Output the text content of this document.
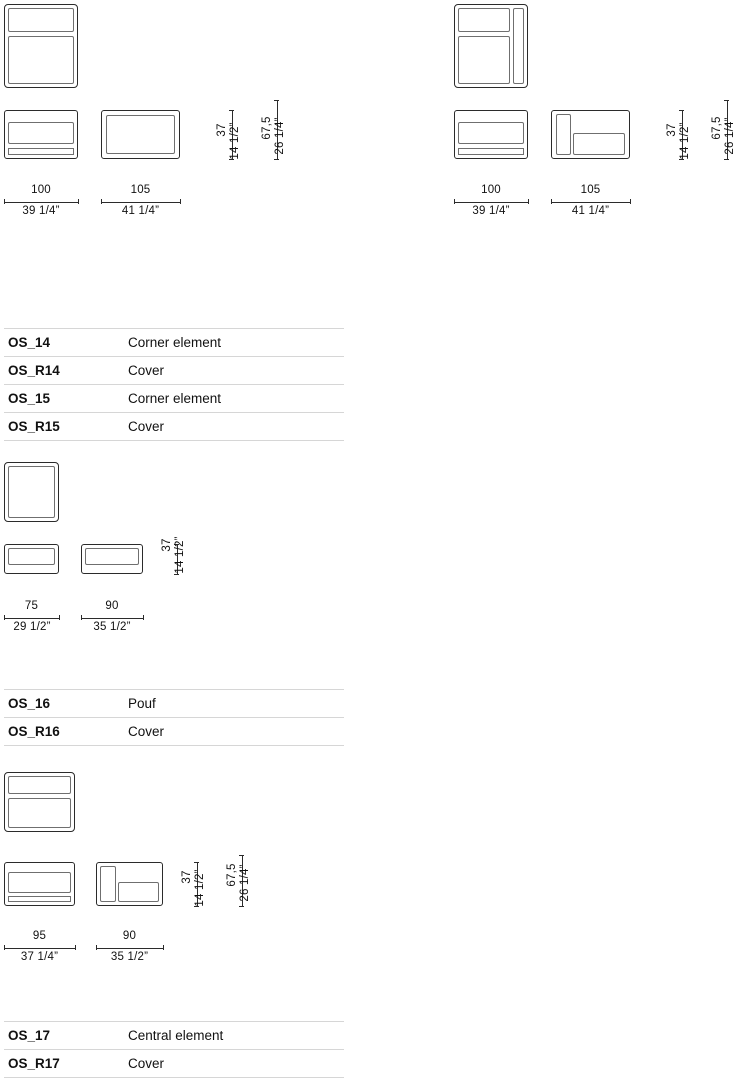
37 14 1/2” 67,5 26 1/4”
100
39 1/4”
105
41 1/4”
37 14 1/2” 67,5 26 1/4”
100
39 1/4”
105
41 1/4”
OS_14	Corner element
OS_R14	Cover
OS_15	Corner element
OS_R15	Cover
37 14 1/2”
75
29 1/2”
90
35 1/2”
OS_16	Pouf
OS_R16	Cover
37 14 1/2” 67,5 26 1/4”
95
37 1/4”
90
35 1/2”
OS_17	Central element
OS_R17	Cover
